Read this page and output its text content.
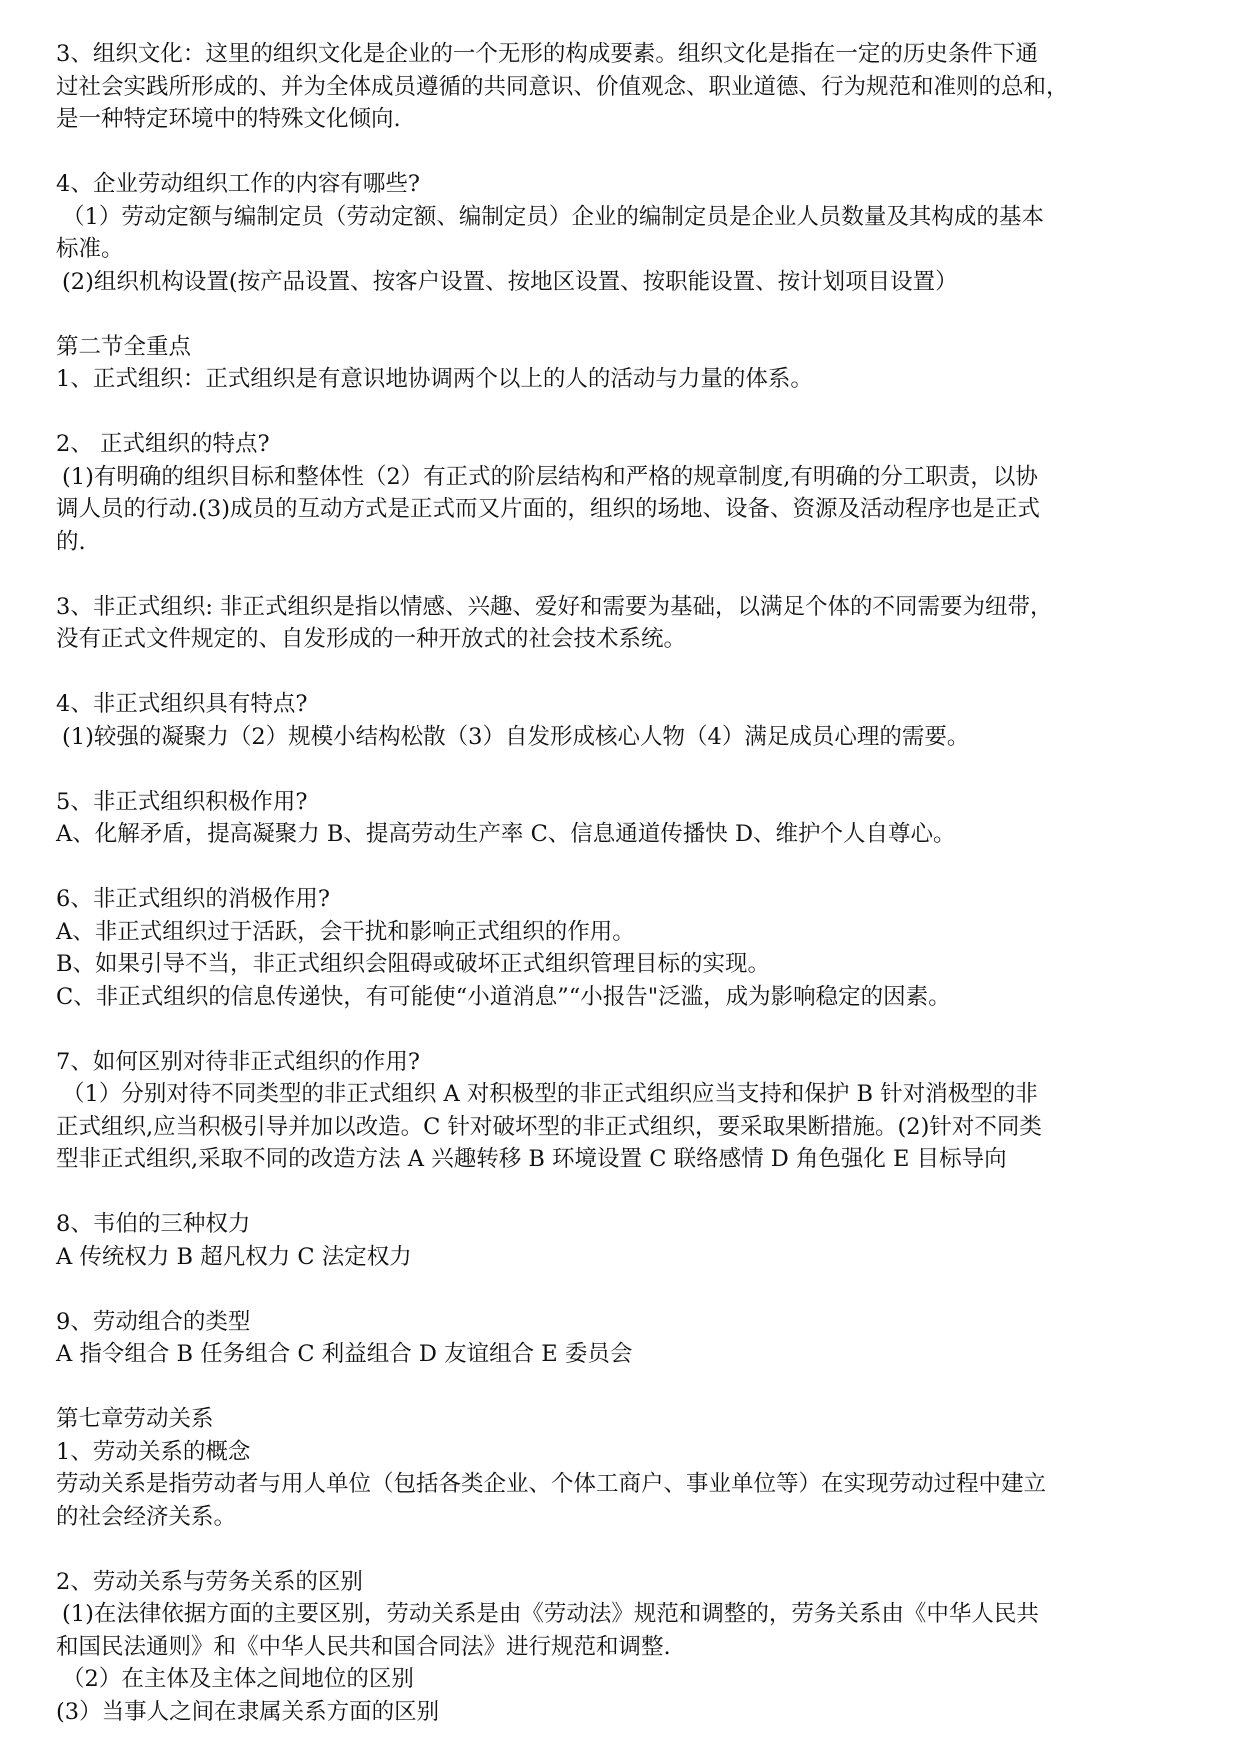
3、组织文化：这里的组织文化是企业的一个无形的构成要素。组织文化是指在一定的历史条件下通

过社会实践所形成的、并为全体成员遵循的共同意识、价值观念、职业道德、行为规范和准则的总和，

是一种特定环境中的特殊文化倾向.

4、企业劳动组织工作的内容有哪些?

（1）劳动定额与编制定员（劳动定额、编制定员）企业的编制定员是企业人员数量及其构成的基本

标准。

(2)组织机构设置(按产品设置、按客户设置、按地区设置、按职能设置、按计划项目设置）

第二节全重点

1、正式组织：正式组织是有意识地协调两个以上的人的活动与力量的体系。

2、 正式组织的特点?

(1)有明确的组织目标和整体性（2）有正式的阶层结构和严格的规章制度,有明确的分工职责，以协

调人员的行动.(3)成员的互动方式是正式而又片面的，组织的场地、设备、资源及活动程序也是正式

的.

3、非正式组织: 非正式组织是指以情感、兴趣、爱好和需要为基础，以满足个体的不同需要为纽带，

没有正式文件规定的、自发形成的一种开放式的社会技术系统。

4、非正式组织具有特点?

(1)较强的凝聚力（2）规模小结构松散（3）自发形成核心人物（4）满足成员心理的需要。

5、非正式组织积极作用?

A、化解矛盾，提高凝聚力 B、提高劳动生产率 C、信息通道传播快 D、维护个人自尊心。

6、非正式组织的消极作用?

A、非正式组织过于活跃，会干扰和影响正式组织的作用。

B、如果引导不当，非正式组织会阻碍或破坏正式组织管理目标的实现。

C、非正式组织的信息传递快，有可能使“小道消息”“小报告"泛滥，成为影响稳定的因素。

7、如何区别对待非正式组织的作用?

（1）分别对待不同类型的非正式组织 A 对积极型的非正式组织应当支持和保护 B 针对消极型的非

正式组织,应当积极引导并加以改造。C 针对破坏型的非正式组织，要采取果断措施。(2)针对不同类

型非正式组织,采取不同的改造方法 A 兴趣转移 B 环境设置 C 联络感情 D 角色强化 E 目标导向

8、韦伯的三种权力

A 传统权力 B 超凡权力 C 法定权力

9、劳动组合的类型

A 指令组合 B 任务组合 C 利益组合 D 友谊组合 E 委员会

第七章劳动关系

1、劳动关系的概念

劳动关系是指劳动者与用人单位（包括各类企业、个体工商户、事业单位等）在实现劳动过程中建立

的社会经济关系。

2、劳动关系与劳务关系的区别

(1)在法律依据方面的主要区别，劳动关系是由《劳动法》规范和调整的，劳务关系由《中华人民共

和国民法通则》和《中华人民共和国合同法》进行规范和调整.

（2）在主体及主体之间地位的区别

(3）当事人之间在隶属关系方面的区别
